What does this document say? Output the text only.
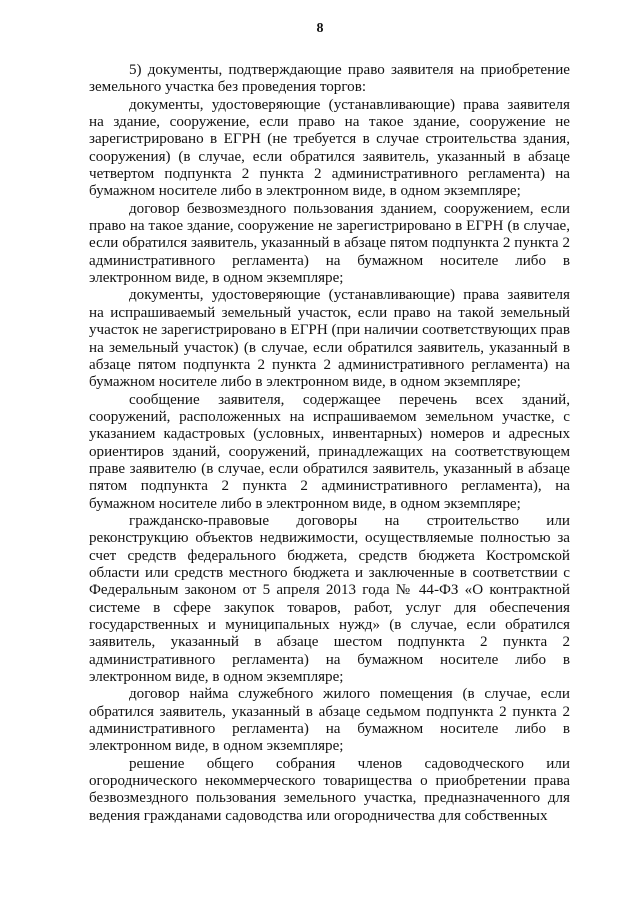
8

5) документы, подтверждающие право заявителя на приобретение земельного участка без проведения торгов:

документы, удостоверяющие (устанавливающие) права заявителя на здание, сооружение, если право на такое здание, сооружение не зарегистрировано в ЕГРН (не требуется в случае строительства здания, сооружения) (в случае, если обратился заявитель, указанный в абзаце четвертом подпункта 2 пункта 2 административного регламента) на бумажном носителе либо в электронном виде, в одном экземпляре;

договор безвозмездного пользования зданием, сооружением, если право на такое здание, сооружение не зарегистрировано в ЕГРН (в случае, если обратился заявитель, указанный в абзаце пятом подпункта 2 пункта 2 административного регламента) на бумажном носителе либо в электронном виде, в одном экземпляре;

документы, удостоверяющие (устанавливающие) права заявителя на испрашиваемый земельный участок, если право на такой земельный участок не зарегистрировано в ЕГРН (при наличии соответствующих прав на земельный участок) (в случае, если обратился заявитель, указанный в абзаце пятом подпункта 2 пункта 2 административного регламента) на бумажном носителе либо в электронном виде, в одном экземпляре;

сообщение заявителя, содержащее перечень всех зданий, сооружений, расположенных на испрашиваемом земельном участке, с указанием кадастровых (условных, инвентарных) номеров и адресных ориентиров зданий, сооружений, принадлежащих на соответствующем праве заявителю (в случае, если обратился заявитель, указанный в абзаце пятом подпункта 2 пункта 2 административного регламента), на бумажном носителе либо в электронном виде, в одном экземпляре;

гражданско-правовые договоры на строительство или реконструкцию объектов недвижимости, осуществляемые полностью за счет средств федерального бюджета, средств бюджета Костромской области или средств местного бюджета и заключенные в соответствии с Федеральным законом от 5 апреля 2013 года № 44-ФЗ «О контрактной системе в сфере закупок товаров, работ, услуг для обеспечения государственных и муниципальных нужд» (в случае, если обратился заявитель, указанный в абзаце шестом подпункта 2 пункта 2 административного регламента) на бумажном носителе либо в электронном виде, в одном экземпляре;

договор найма служебного жилого помещения (в случае, если обратился заявитель, указанный в абзаце седьмом подпункта 2 пункта 2 административного регламента) на бумажном носителе либо в электронном виде, в одном экземпляре;

решение общего собрания членов садоводческого или огороднического некоммерческого товарищества о приобретении права безвозмездного пользования земельного участка, предназначенного для ведения гражданами садоводства или огородничества для собственных
